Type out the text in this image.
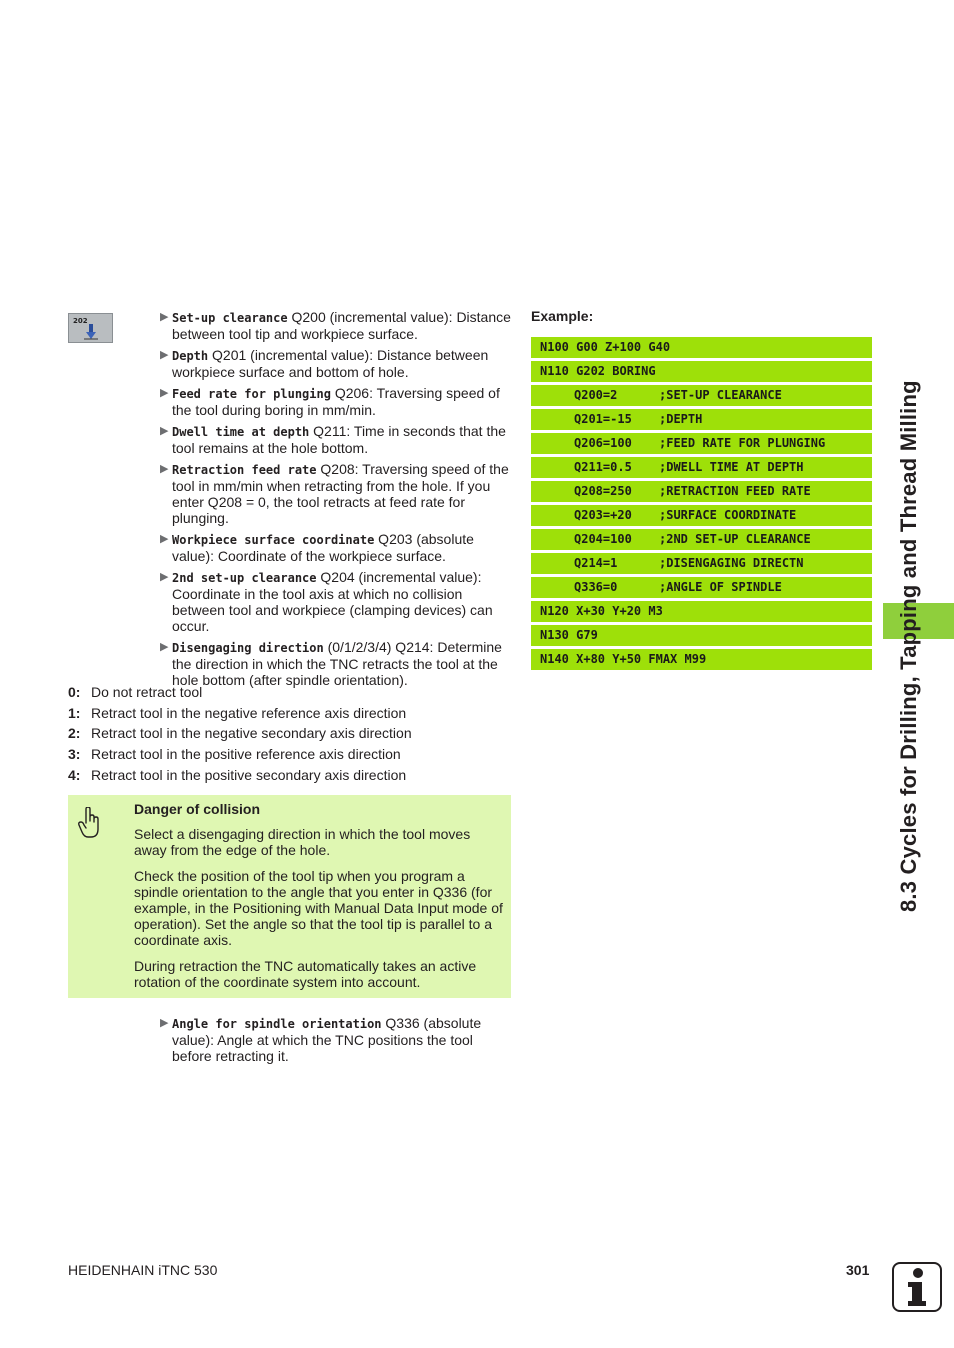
202	▶ Set-up clearance Q200 (incremental value): Distance between tool tip and workpiece surface.
▶ Depth Q201 (incremental value): Distance between workpiece surface and bottom of hole.
▶ Feed rate for plunging Q206: Traversing speed of the tool during boring in mm/min.
▶ Dwell time at depth Q211: Time in seconds that the tool remains at the hole bottom.
▶ Retraction feed rate Q208: Traversing speed of the tool in mm/min when retracting from the hole. If you enter Q208 = 0, the tool retracts at feed rate for plunging.
▶ Workpiece surface coordinate Q203 (absolute value): Coordinate of the workpiece surface.
▶ 2nd set-up clearance Q204 (incremental value): Coordinate in the tool axis at which no collision between tool and workpiece (clamping devices) can occur.
▶ Disengaging direction (0/1/2/3/4) Q214: Determine the direction in which the TNC retracts the tool at the hole bottom (after spindle orientation).
0: Do not retract tool
1: Retract tool in the negative reference axis direction
2: Retract tool in the negative secondary axis direction
3: Retract tool in the positive reference axis direction
4: Retract tool in the positive secondary axis direction
Danger of collision

Select a disengaging direction in which the tool moves away from the edge of the hole.

Check the position of the tool tip when you program a spindle orientation to the angle that you enter in Q336 (for example, in the Positioning with Manual Data Input mode of operation). Set the angle so that the tool tip is parallel to a coordinate axis.

During retraction the TNC automatically takes an active rotation of the coordinate system into account.

▶ Angle for spindle orientation Q336 (absolute value): Angle at which the TNC positions the tool before retracting it.
Example:
N100 G00 Z+100 G40
N110 G202 BORING
Q200=2	;SET-UP CLEARANCE
Q201=-15 ;DEPTH
Q206=100 ;FEED RATE FOR PLUNGING
Q211=0.5 ;DWELL TIME AT DEPTH
Q208=250 ;RETRACTION FEED RATE
Q203=+20 ;SURFACE COORDINATE
Q204=100 ;2ND SET-UP CLEARANCE
Q214=1	;DISENGAGING DIRECTN
Q336=0	;ANGLE OF SPINDLE
N120 X+30 Y+20 M3
N130 G79
N140 X+80 Y+50 FMAX M99	8.3 Cycles for Drilling, Tapping and Thread Milling
HEIDENHAIN iTNC 530	301
